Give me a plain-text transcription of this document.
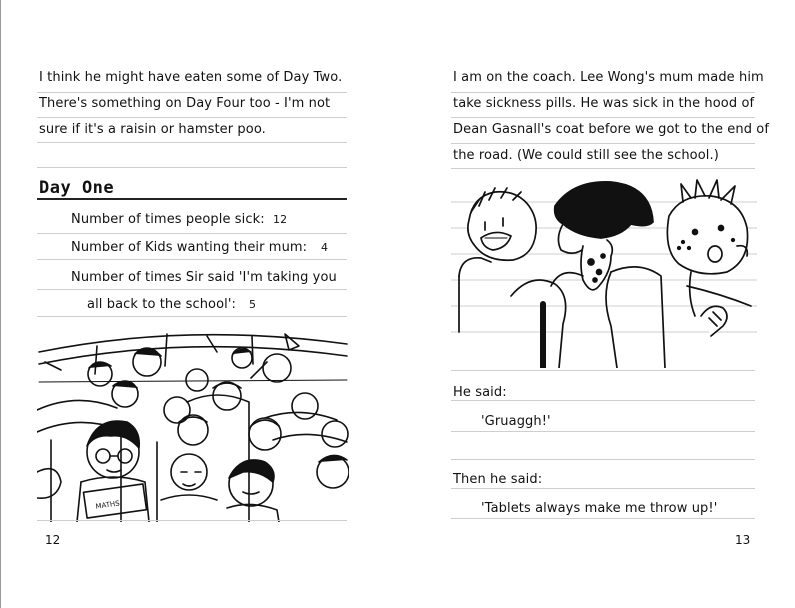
I think he might have eaten some of Day Two.
There's something on Day Four too - I'm not
sure if it's a raisin or hamster poo.
Day One
Number of times people sick: 12
Number of Kids wanting their mum: 4
Number of times Sir said 'I'm taking you
all back to the school': 5
MATHS
12
I am on the coach. Lee Wong's mum made him
take sickness pills. He was sick in the hood of
Dean Gasnall's coat before we got to the end of
the road. (We could still see the school.)
He said:
'Gruaggh!'
Then he said:
'Tablets always make me throw up!'
13
